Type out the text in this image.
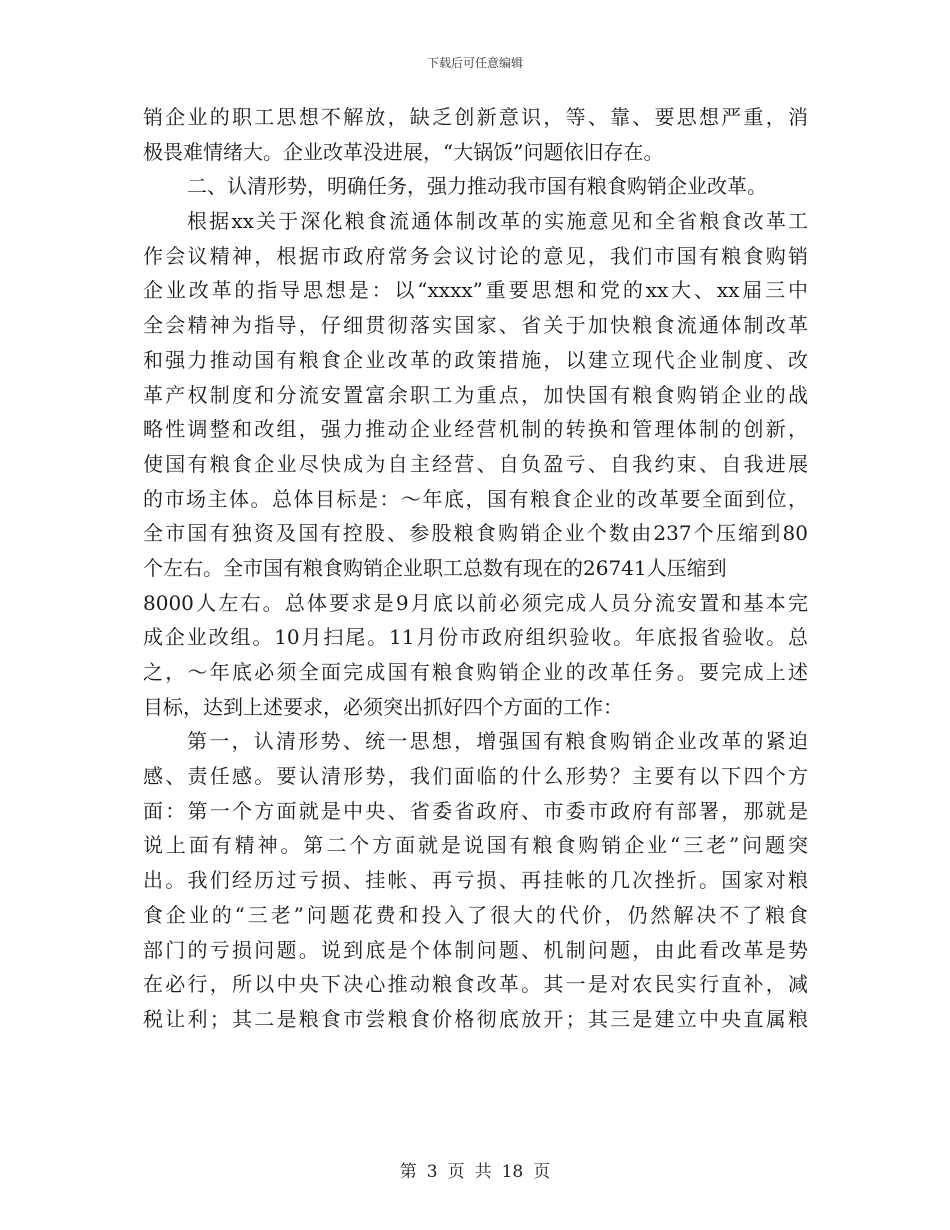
下载后可任意编辑
销企业的职工思想不解放，缺乏创新意识，等、靠、要思想严重，消
极畏难情绪大。企业改革没进展，“大锅饭”问题依旧存在。
二、认清形势，明确任务，强力推动我市国有粮食购销企业改革。
根据xx关于深化粮食流通体制改革的实施意见和全省粮食改革工
作会议精神，根据市政府常务会议讨论的意见，我们市国有粮食购销
企业改革的指导思想是：以“xxxx”重要思想和党的xx大、xx届三中
全会精神为指导，仔细贯彻落实国家、省关于加快粮食流通体制改革
和强力推动国有粮食企业改革的政策措施，以建立现代企业制度、改
革产权制度和分流安置富余职工为重点，加快国有粮食购销企业的战
略性调整和改组，强力推动企业经营机制的转换和管理体制的创新，
使国有粮食企业尽快成为自主经营、自负盈亏、自我约束、自我进展
的市场主体。总体目标是：～年底，国有粮食企业的改革要全面到位，
全市国有独资及国有控股、参股粮食购销企业个数由237个压缩到80
个左右。全市国有粮食购销企业职工总数有现在的26741人压缩到
8000人左右。总体要求是9月底以前必须完成人员分流安置和基本完
成企业改组。10月扫尾。11月份市政府组织验收。年底报省验收。总
之，～年底必须全面完成国有粮食购销企业的改革任务。要完成上述
目标，达到上述要求，必须突出抓好四个方面的工作：
第一，认清形势、统一思想，增强国有粮食购销企业改革的紧迫
感、责任感。要认清形势，我们面临的什么形势？主要有以下四个方
面：第一个方面就是中央、省委省政府、市委市政府有部署，那就是
说上面有精神。第二个方面就是说国有粮食购销企业“三老”问题突
出。我们经历过亏损、挂帐、再亏损、再挂帐的几次挫折。国家对粮
食企业的“三老”问题花费和投入了很大的代价，仍然解决不了粮食
部门的亏损问题。说到底是个体制问题、机制问题，由此看改革是势
在必行，所以中央下决心推动粮食改革。其一是对农民实行直补，减
税让利；其二是粮食市尝粮食价格彻底放开；其三是建立中央直属粮
第 3 页 共 18 页
